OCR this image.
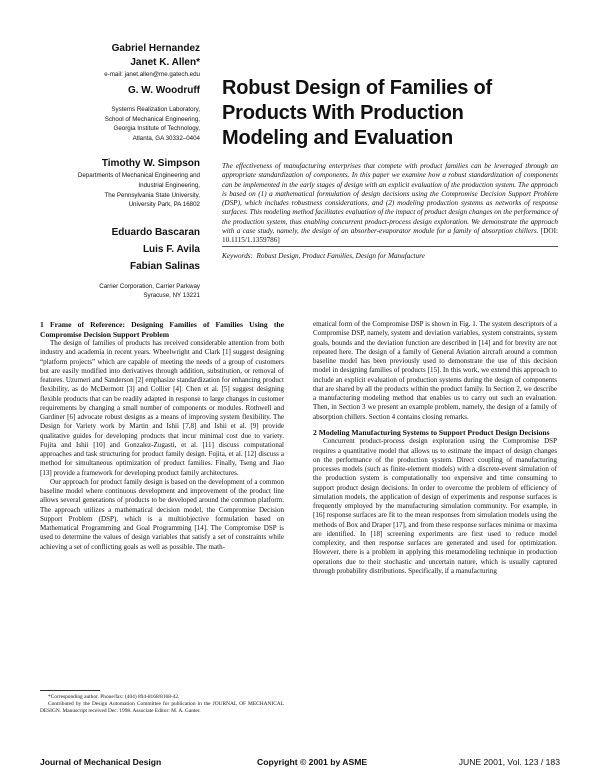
Gabriel Hernandez

Janet K. Allen*

e-mail: janet.allen@me.gatech.edu

G. W. Woodruff

Systems Realization Laboratory,

School of Mechanical Engineering,

Georgia Institute of Technology,

Atlanta, GA 30332–0404

Timothy W. Simpson

Departments of Mechanical Engineering and

Industrial Engineering,

The Pennsylvania State University,

University Park, PA 16802

Eduardo Bascaran

Luis F. Avila

Fabian Salinas

Carrier Corporation, Carrier Parkway

Syracuse, NY 13221

Robust Design of Families of
Products With Production
Modeling and Evaluation
The effectiveness of manufacturing enterprises that compete with product families can be leveraged through an appropriate standardization of components. In this paper we examine how a robust standardization of components can be implemented in the early stages of design with an explicit evaluation of the production system. The approach is based on (1) a mathematical formulation of design decisions using the Compromise Decision Support Problem (DSP), which includes robustness considerations, and (2) modeling production systems as networks of response surfaces. This modeling method facilitates evaluation of the impact of product design changes on the performance of the production system, thus enabling concurrent product-process design exploration. We demonstrate the approach with a case study, namely, the design of an absorber-evaporator module for a family of absorption chillers. [DOI: 10.1115/1.1359786]
Keywords: Robust Design, Product Families, Design for Manufacture

1 Frame of Reference: Designing Families of Families Using the Compromise Decision Support Problem

The design of families of products has received considerable attention from both industry and academia in recent years. Wheelwright and Clark [1] suggest designing “platform projects” which are capable of meeting the needs of a group of customers but are easily modified into derivatives through addition, substitution, or removal of features. Uzumeri and Sanderson [2] emphasize standardization for enhancing product flexibility, as do McDermott [3] and Collier [4]. Chen et al. [5] suggest designing flexible products that can be readily adapted in response to large changes in customer requirements by changing a small number of components or modules. Rothwell and Gardiner [6] advocate robust designs as a means of improving system flexibility. The Design for Variety work by Martin and Ishii [7,8] and Ishii et al. [9] provide qualitative guides for developing products that incur minimal cost due to variety. Fujita and Ishii [10] and Gonzalez-Zugasti, et al. [11] discuss computational approaches and task structuring for product family design. Fujita, et al. [12] discuss a method for simultaneous optimization of product families. Finally, Tseng and Jiao [13] provide a framework for developing product family architectures.

Our approach for product family design is based on the development of a common baseline model where continuous development and improvement of the product line allows several generations of products to be developed around the common platform. The approach utilizes a mathematical decision model, the Compromise Decision Support Problem (DSP), which is a multiobjective formulation based on Mathematical Programming and Goal Programming [14]. The Compromise DSP is used to determine the values of design variables that satisfy a set of constraints while achieving a set of conflicting goals as well as possible. The math-

ematical form of the Compromise DSP is shown in Fig. 1. The system descriptors of a Compromise DSP, namely, system and deviation variables, system constraints, system goals, bounds and the deviation function are described in [14] and for brevity are not repeated here. The design of a family of General Aviation aircraft around a common baseline model has been previously used to demonstrate the use of this decision model in designing families of products [15]. In this work, we extend this approach to include an explicit evaluation of production systems during the design of components that are shared by all the products within the product family. In Section 2, we describe a manufacturing modeling method that enables us to carry out such an evaluation. Then, in Section 3 we present an example problem, namely, the design of a family of absorption chillers. Section 4 contains closing remarks.

2 Modeling Manufacturing Systems to Support Product Design Decisions

Concurrent product-process design exploration using the Compromise DSP requires a quantitative model that allows us to estimate the impact of design changes on the performance of the production system. Direct coupling of manufacturing processes models (such as finite-element models) with a discrete-event simulation of the production system is computationally too expensive and time consuming to support product design decisions. In order to overcome the problem of efficiency of simulation models, the application of design of experiments and response surfaces is frequently employed by the manufacturing simulation community. For example, in [16] response surfaces are fit to the mean responses from simulation models using the methods of Box and Draper [17], and from these response surfaces minima or maxima are identified. In [18] screening experiments are first used to reduce model complexity, and then response surfaces are generated and used for optimization. However, there is a problem in applying this metamodeling technique in production operations due to their stochastic and uncertain nature, which is usually captured through probability distributions. Specifically, if a manufacturing

*Corresponding author. Phone/fax: (404) 894-8168/8168-42.

Contributed by the Design Automation Committee for publication in the JOURNAL OF MECHANICAL DESIGN. Manuscript received Dec. 1998. Associate Editor: M. A. Ganter.

Journal of Mechanical Design	Copyright © 2001 by ASME	JUNE 2001, Vol. 123 / 183
